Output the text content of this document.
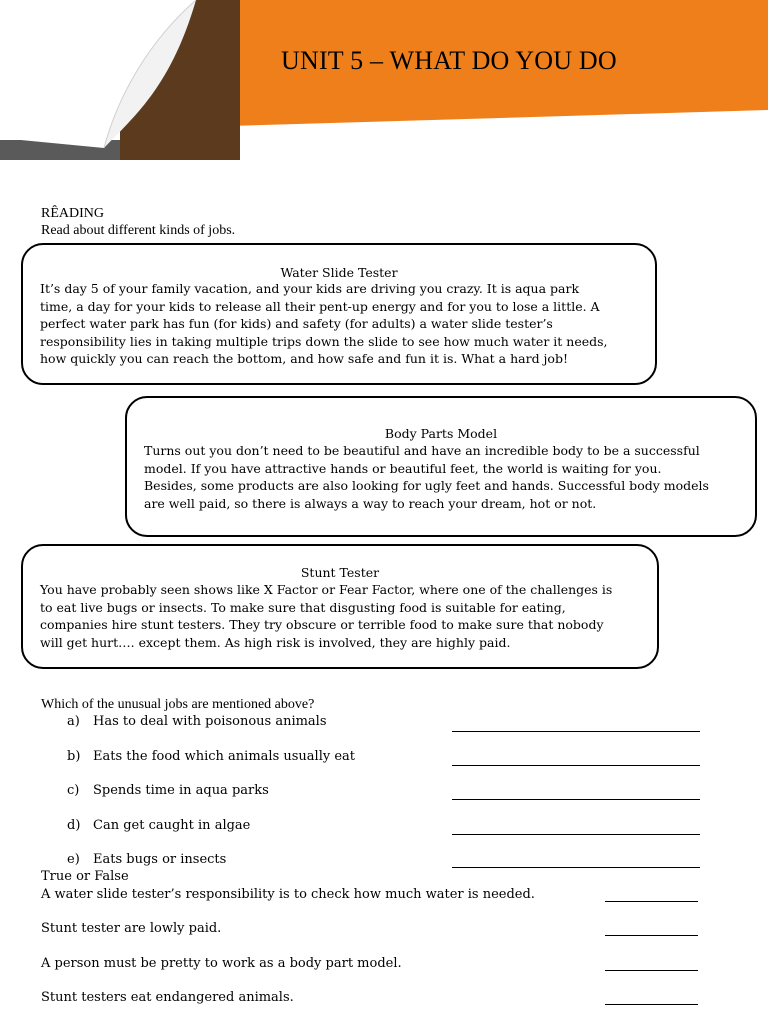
UNIT 5 – WHAT DO YOU DO
RÊADING
Read about different kinds of jobs.
Water Slide Tester
It’s day 5 of your family vacation, and your kids are driving you crazy. It is aqua park
time, a day for your kids to release all their pent-up energy and for you to lose a little. A
perfect water park has fun (for kids) and safety (for adults) a water slide tester’s
responsibility lies in taking multiple trips down the slide to see how much water it needs,
how quickly you can reach the bottom, and how safe and fun it is. What a hard job!
Body Parts Model
Turns out you don’t need to be beautiful and have an incredible body to be a successful
model. If you have attractive hands or beautiful feet, the world is waiting for you.
Besides, some products are also looking for ugly feet and hands. Successful body models
are well paid, so there is always a way to reach your dream, hot or not.
Stunt Tester
You have probably seen shows like X Factor or Fear Factor, where one of the challenges is
to eat live bugs or insects. To make sure that disgusting food is suitable for eating,
companies hire stunt testers. They try obscure or terrible food to make sure that nobody
will get hurt…. except them. As high risk is involved, they are highly paid.
Which of the unusual jobs are mentioned above?
a) Has to deal with poisonous animals
b) Eats the food which animals usually eat
c) Spends time in aqua parks
d) Can get caught in algae
e) Eats bugs or insects
True or False
A water slide tester’s responsibility is to check how much water is needed.
Stunt tester are lowly paid.
A person must be pretty to work as a body part model.
Stunt testers eat endangered animals.
